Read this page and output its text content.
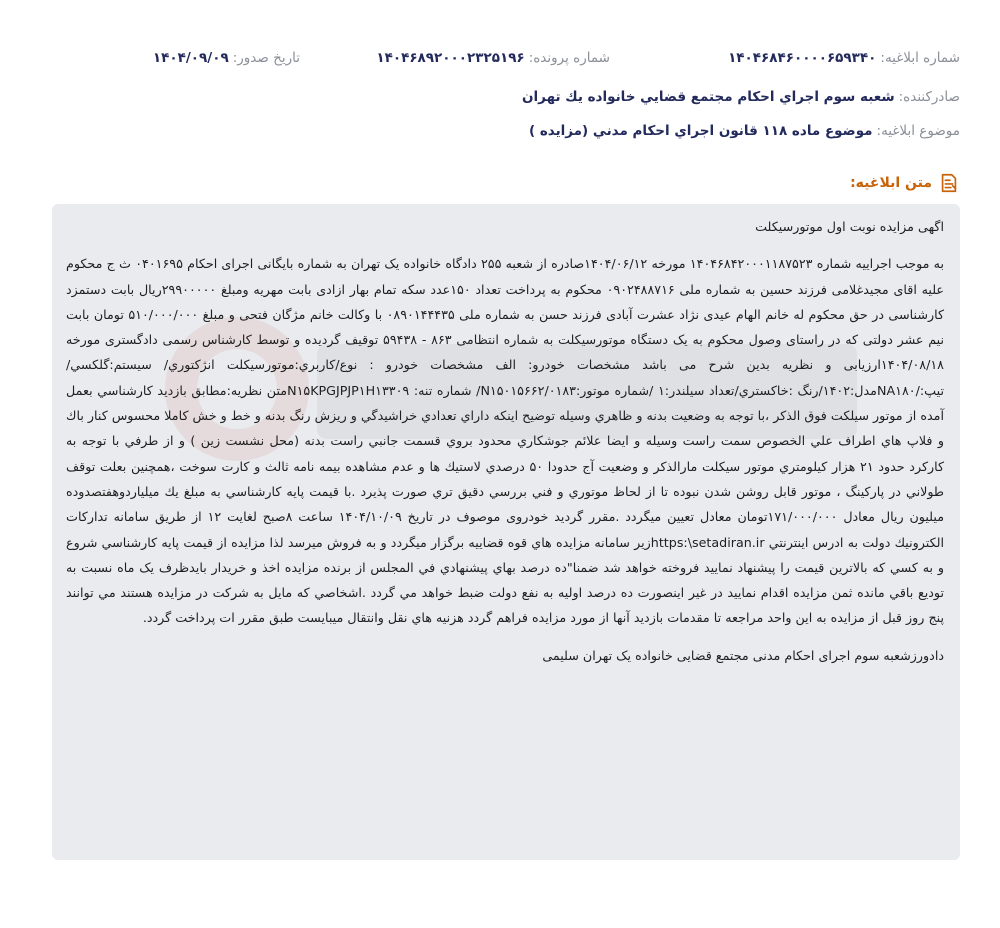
شماره ابلاغيه:۱۴۰۴۶۸۴۶۰۰۰۰۶۵۹۳۴۰
شماره پرونده:۱۴۰۴۶۸۹۲۰۰۰۲۳۲۵۱۹۶
تاريخ صدور:۱۴۰۴/۰۹/۰۹
صادرکننده:شعبه سوم اجراي احکام مجتمع قضايي خانواده يك تهران
موضوع ابلاغيه:موضوع ماده ۱۱۸ قانون اجراي احکام مدني (مزايده )
متن ابلاغيه:

اگهی مزایده نوبت اول موتورسیکلت

به موجب اجراییه شماره ۱۴۰۴۶۸۴۲۰۰۰۱۱۸۷۵۲۳ مورخه ۱۴۰۴/۰۶/۱۲صادره از شعبه ۲۵۵ دادگاه خانواده یک تهران به شماره بایگانی اجرای احکام ۰۴۰۱۶۹۵ ث ج محکوم علیه اقای مجیدغلامی فرزند حسین به شماره ملی ۰۹۰۲۴۸۸۷۱۶ محکوم به پرداخت تعداد ۱۵۰عدد سکه تمام بهار ازادی بابت مهریه ومبلغ ۲۹۹۰۰۰۰۰ریال بابت دستمزد کارشناسی در حق محکوم له خانم الهام عیدی نژاد عشرت آبادی فرزند حسن به شماره ملی ۰۸۹۰۱۴۴۴۳۵ با وکالت خانم مژگان فتحی و مبلغ ۵۱۰/۰۰۰/۰۰۰ تومان بابت نیم عشر دولتی که در راستای وصول محکوم به یک دستگاه موتورسیکلت به شماره انتظامی ۸۶۳ - ۵۹۴۳۸ توقیف گردیده و توسط کارشناس رسمی دادگستری مورخه ۱۴۰۴/۰۸/۱۸ارزیابی و نظریه بدین شرح می باشد مشخصات خودرو: الف مشخصات خودرو : نوع/کاربري:موتورسيكلت انژكتوري/ سيستم:گلكسي/تيپ:/NA۱۸۰مدل:۱۴۰۲/رنگ :خاكستري/تعداد سيلندر:۱ /شماره موتور:N۱۵۰۱۵۶۶۲/۰۱۸۳/ شماره تنه: N۱۵KPGJPJP۱H۱۳۳۰۹متن نظريه:مطابق بازديد كارشناسي بعمل آمده از موتور سيلكت فوق الذكر ،با توجه به وضعيت بدنه و ظاهري وسيله توضيح اينكه داراي تعدادي خراشيدگي و ريزش رنگ بدنه و خط و خش كاملا محسوس كنار باك و فلاپ هاي اطراف علي الخصوص سمت راست وسيله و ايضا علائم جوشكاري محدود بروي قسمت جانبي راست بدنه (محل نشست زين ) و از طرفي با توجه به كاركرد حدود ۲۱ هزار كيلومتري موتور سيكلت مارالذكر و وضعيت آج حدودا ۵۰ درصدي لاستيك ها و عدم مشاهده بيمه نامه ثالث و كارت سوخت ،همچنين بعلت توقف طولاني در پاركينگ ، موتور قابل روشن شدن نبوده تا از لحاظ موتوري و فني بررسي دقيق تري صورت پذيرد .با قيمت پايه كارشناسي به مبلغ يك ميلياردوهفتصدوده ميليون ريال معادل ۱۷۱/۰۰۰/۰۰۰تومان معادل تعیین میگردد .مقرر گردید خودروی موصوف در تاریخ ۱۴۰۴/۱۰/۰۹ ساعت ۸صبح لغایت ۱۲ از طریق سامانه تداركات الكترونيك دولت به ادرس اينترنتي https:\setadiran.irزير سامانه مزايده هاي قوه قضاييه برگزار ميگردد و به فروش ميرسد لذا مزايده از قيمت پايه كارشناسي شروع و به كسي كه بالاترين قيمت را پيشنهاد نماييد فروخته خواهد شد ضمنا"ده درصد بهاي پيشنهادي في المجلس از برنده مزايده اخذ و خريدار بايدظرف يک ماه نسبت به توديع باقي مانده ثمن مزايده اقدام نماييد در غير اينصورت ده درصد اوليه به نفع دولت ضبط خواهد مي گردد .اشخاصي كه مايل به شركت در مزايده هستند مي توانند پنج روز قبل از مزايده به اين واحد مراجعه تا مقدمات بازديد آنها از مورد مزايده فراهم گردد هزنيه هاي نقل وانتقال ميبايست طبق مقرر ات پرداخت گردد.

دادورزشعبه سوم اجرای احکام مدنی مجتمع قضایی خانواده یک تهران سلیمی
